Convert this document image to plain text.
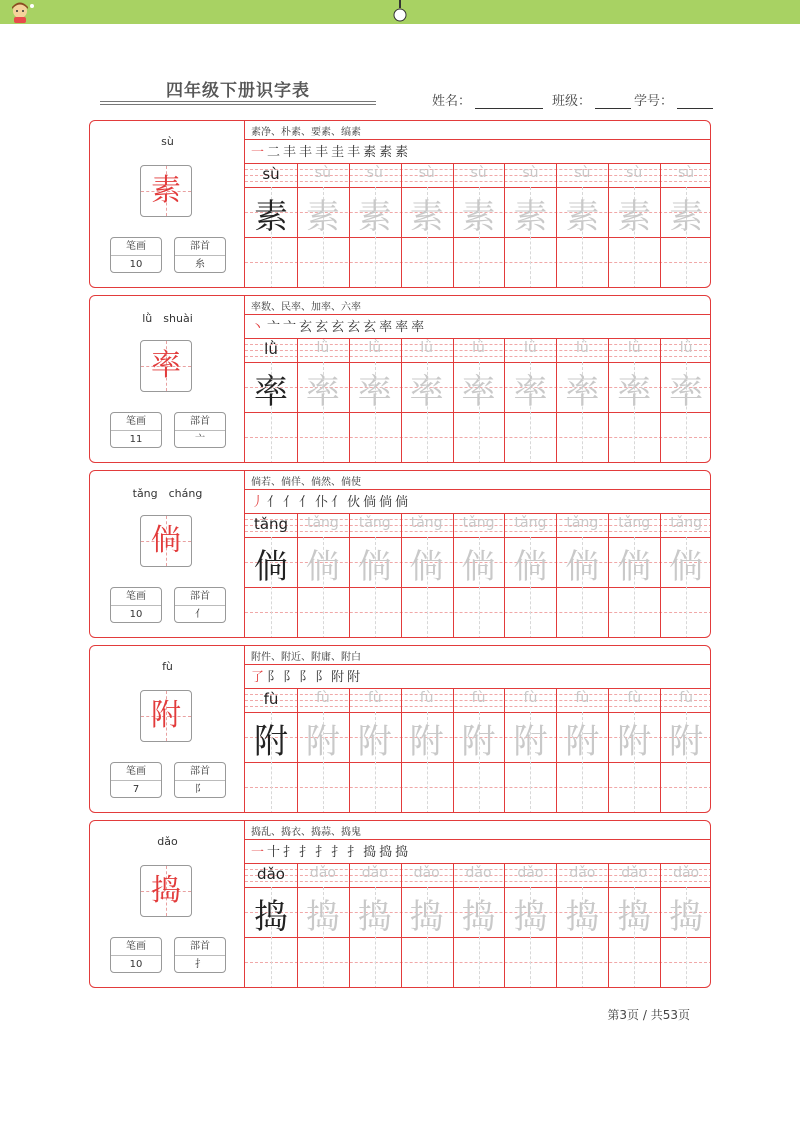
四年级下册识字表
姓名：	班级：	学号：
sù
素
笔画
10
部首
糸
素净、朴素、要素、缟素
一 二 丰 丰 丰 圭 丰 素 素 素
sù
素
sù
素
sù
素
sù
素
sù
素
sù
素
sù
素
sù
素
sù
素
lǜ　shuài
率
笔画
11
部首
亠
率数、民率、加率、六率
丶 亠 亠 玄 玄 玄 玄 玄 率 率 率
lǜ
率
lǜ
率
lǜ
率
lǜ
率
lǜ
率
lǜ
率
lǜ
率
lǜ
率
lǜ
率
tǎng　cháng
倘
笔画
10
部首
亻
倘若、倘佯、倘然、倘使
丿 亻 亻 亻 仆 亻 伙 倘 倘 倘
tǎng
倘
tǎng
倘
tǎng
倘
tǎng
倘
tǎng
倘
tǎng
倘
tǎng
倘
tǎng
倘
tǎng
倘
fù
附
笔画
7
部首
阝
附件、附近、附庸、附白
了 阝 阝 阝 阝 附 附
fù
附
fù
附
fù
附
fù
附
fù
附
fù
附
fù
附
fù
附
fù
附
dǎo
捣
笔画
10
部首
扌
捣乱、捣衣、捣蒜、捣鬼
一 十 扌 扌 扌 扌 扌 捣 捣 捣
dǎo
捣
dǎo
捣
dǎo
捣
dǎo
捣
dǎo
捣
dǎo
捣
dǎo
捣
dǎo
捣
dǎo
捣
第3页 / 共53页
